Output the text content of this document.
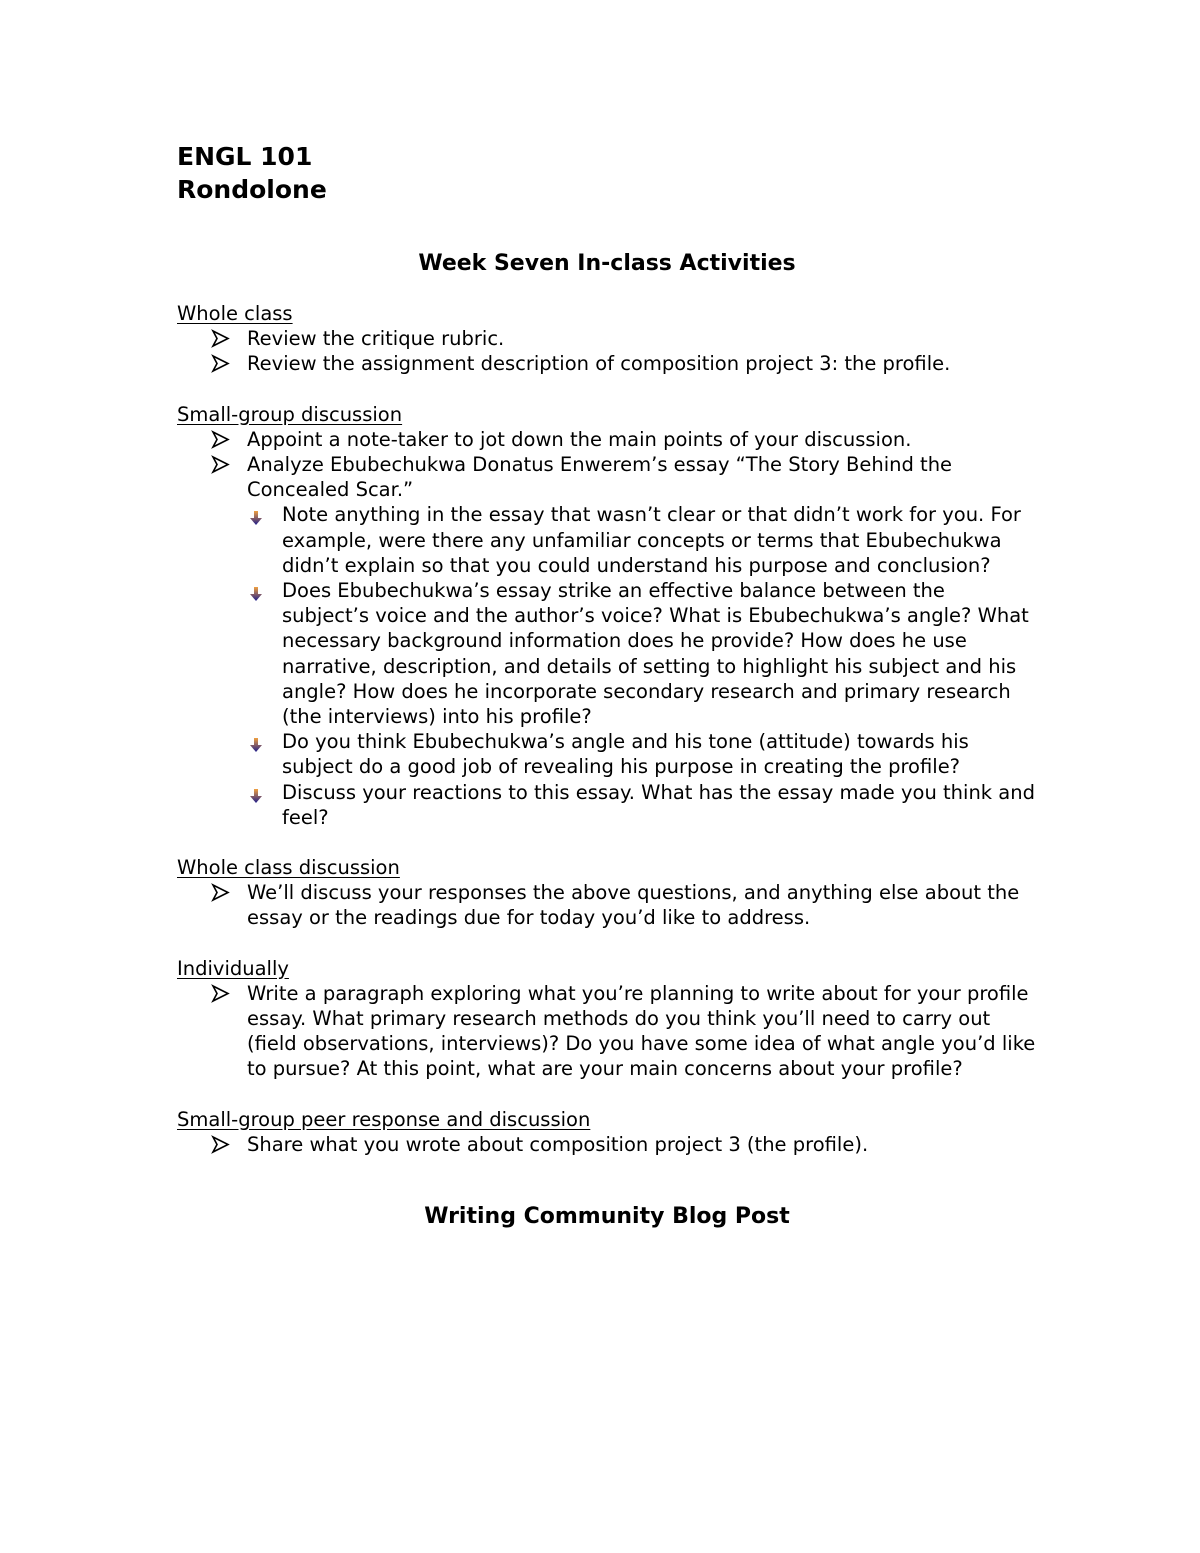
ENGL 101
Rondolone
Week Seven In-class Activities
Whole class
Review the critique rubric.
Review the assignment description of composition project 3: the profile.
Small-group discussion
Appoint a note-taker to jot down the main points of your discussion.
Analyze Ebubechukwa Donatus Enwerem’s essay “The Story Behind the Concealed Scar.”
Note anything in the essay that wasn’t clear or that didn’t work for you. For example, were there any unfamiliar concepts or terms that Ebubechukwa didn’t explain so that you could understand his purpose and conclusion?
Does Ebubechukwa’s essay strike an effective balance between the subject’s voice and the author’s voice? What is Ebubechukwa’s angle? What necessary background information does he provide? How does he use narrative, description, and details of setting to highlight his subject and his angle? How does he incorporate secondary research and primary research (the interviews) into his profile?
Do you think Ebubechukwa’s angle and his tone (attitude) towards his subject do a good job of revealing his purpose in creating the profile?
Discuss your reactions to this essay. What has the essay made you think and feel?
Whole class discussion
We’ll discuss your responses the above questions, and anything else about the essay or the readings due for today you’d like to address.
Individually
Write a paragraph exploring what you’re planning to write about for your profile essay. What primary research methods do you think you’ll need to carry out (field observations, interviews)? Do you have some idea of what angle you’d like to pursue? At this point, what are your main concerns about your profile?
Small-group peer response and discussion
Share what you wrote about composition project 3 (the profile).
Writing Community Blog Post
